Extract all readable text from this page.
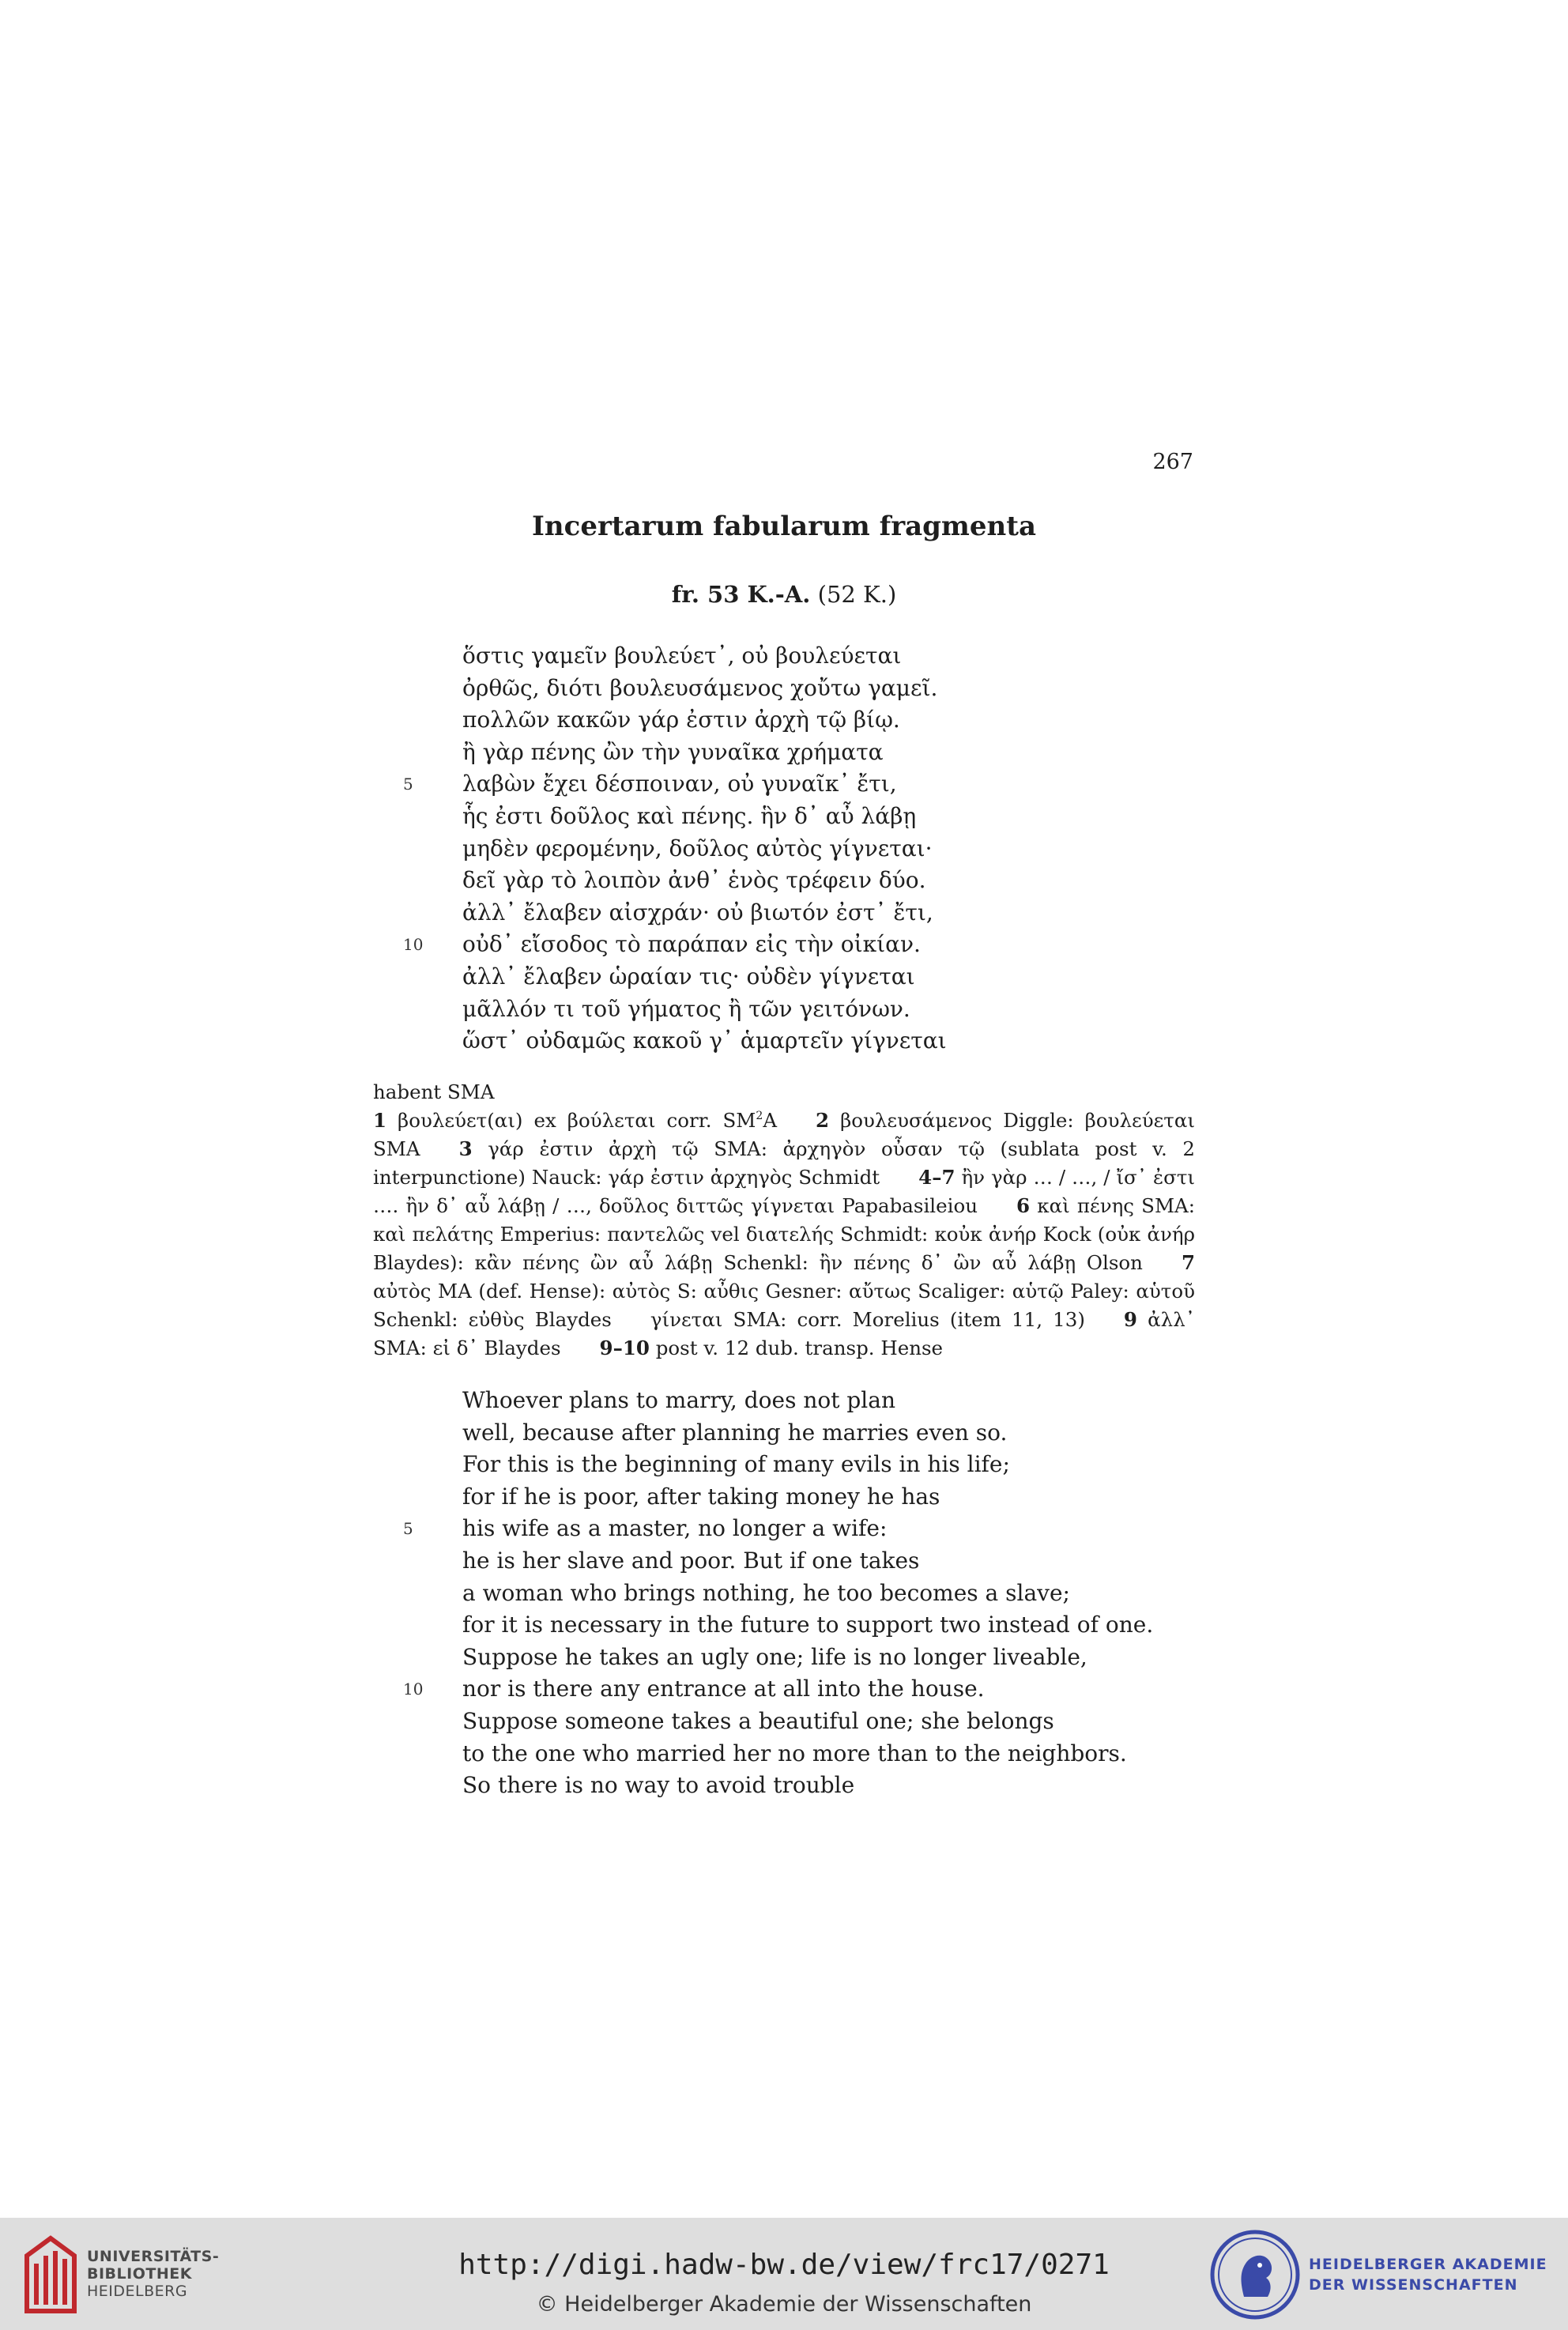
267
Incertarum fabularum fragmenta
fr. 53 K.-A. (52 K.)
ὅστις γαμεῖν βουλεύετ᾽, οὐ βουλεύεται
ὀρθῶς, διότι βουλευσάμενος χοὔτω γαμεῖ.
πολλῶν κακῶν γάρ ἐστιν ἀρχὴ τῷ βίῳ.
ἢ γὰρ πένης ὢν τὴν γυναῖκα χρήματα
5	λαβὼν ἔχει δέσποιναν, οὐ γυναῖκ᾽ ἔτι,
ἧς ἐστι δοῦλος καὶ πένης. ἣν δ᾽ αὖ λάβῃ
μηδὲν φερομένην, δοῦλος αὐτὸς γίγνεται·
δεῖ γὰρ τὸ λοιπὸν ἀνθ᾽ ἑνὸς τρέφειν δύο.
ἀλλ᾽ ἔλαβεν αἰσχράν· οὐ βιωτόν ἐστ᾽ ἔτι,
10	οὐδ᾽ εἴσοδος τὸ παράπαν εἰς τὴν οἰκίαν.
ἀλλ᾽ ἔλαβεν ὡραίαν τις· οὐδὲν γίγνεται
μᾶλλόν τι τοῦ γήματος ἢ τῶν γειτόνων.
ὥστ᾽ οὐδαμῶς κακοῦ γ᾽ ἁμαρτεῖν γίγνεται

habent SMA

1 βουλεύετ(αι) ex βούλεται corr. $SM^2A$   2 βουλευσάμενος Diggle: βουλεύεται SMA   3 γάρ ἐστιν ἀρχὴ τῷ SMA: ἀρχηγὸν οὖσαν τῷ (sublata post v. 2 interpunctione) Nauck: γάρ ἐστιν ἀρχηγὸς Schmidt   4–7 ἢν γὰρ … / …, / ἴσ᾽ ἐστι …. ἢν δ᾽ αὖ λάβῃ / …, δοῦλος διττῶς γίγνεται Papabasileiou   6 καὶ πένης SMA: καὶ πελάτης Emperius: παντελῶς vel διατελής Schmidt: κοὐκ ἀνήρ Kock (οὐκ ἀνήρ Blaydes): κἂν πένης ὢν αὖ λάβῃ Schenkl: ἢν πένης δ᾽ ὢν αὖ λάβῃ Olson   7 αὐτὸς MA (def. Hense): αὐτὸς S: αὖθις Gesner: αὔτως Scaliger: αὑτῷ Paley: αὑτοῦ Schenkl: εὐθὺς Blaydes   γίνεται SMA: corr. Morelius (item 11, 13)   9 ἀλλ᾽ SMA: εἰ δ᾽ Blaydes   9–10 post v. 12 dub. transp. Hense  

Whoever plans to marry, does not plan
well, because after planning he marries even so.
For this is the beginning of many evils in his life;
for if he is poor, after taking money he has
5	his wife as a master, no longer a wife:
he is her slave and poor. But if one takes
a woman who brings nothing, he too becomes a slave;
for it is necessary in the future to support two instead of one.
Suppose he takes an ugly one; life is no longer liveable,
10	nor is there any entrance at all into the house.
Suppose someone takes a beautiful one; she belongs
to the one who married her no more than to the neighbors.
So there is no way to avoid trouble
UNIVERSITÄTS-
BIBLIOTHEK
HEIDELBERG
http://digi.hadw-bw.de/view/frc17/0271
© Heidelberger Akademie der Wissenschaften
HEIDELBERGER AKADEMIE
DER WISSENSCHAFTEN
